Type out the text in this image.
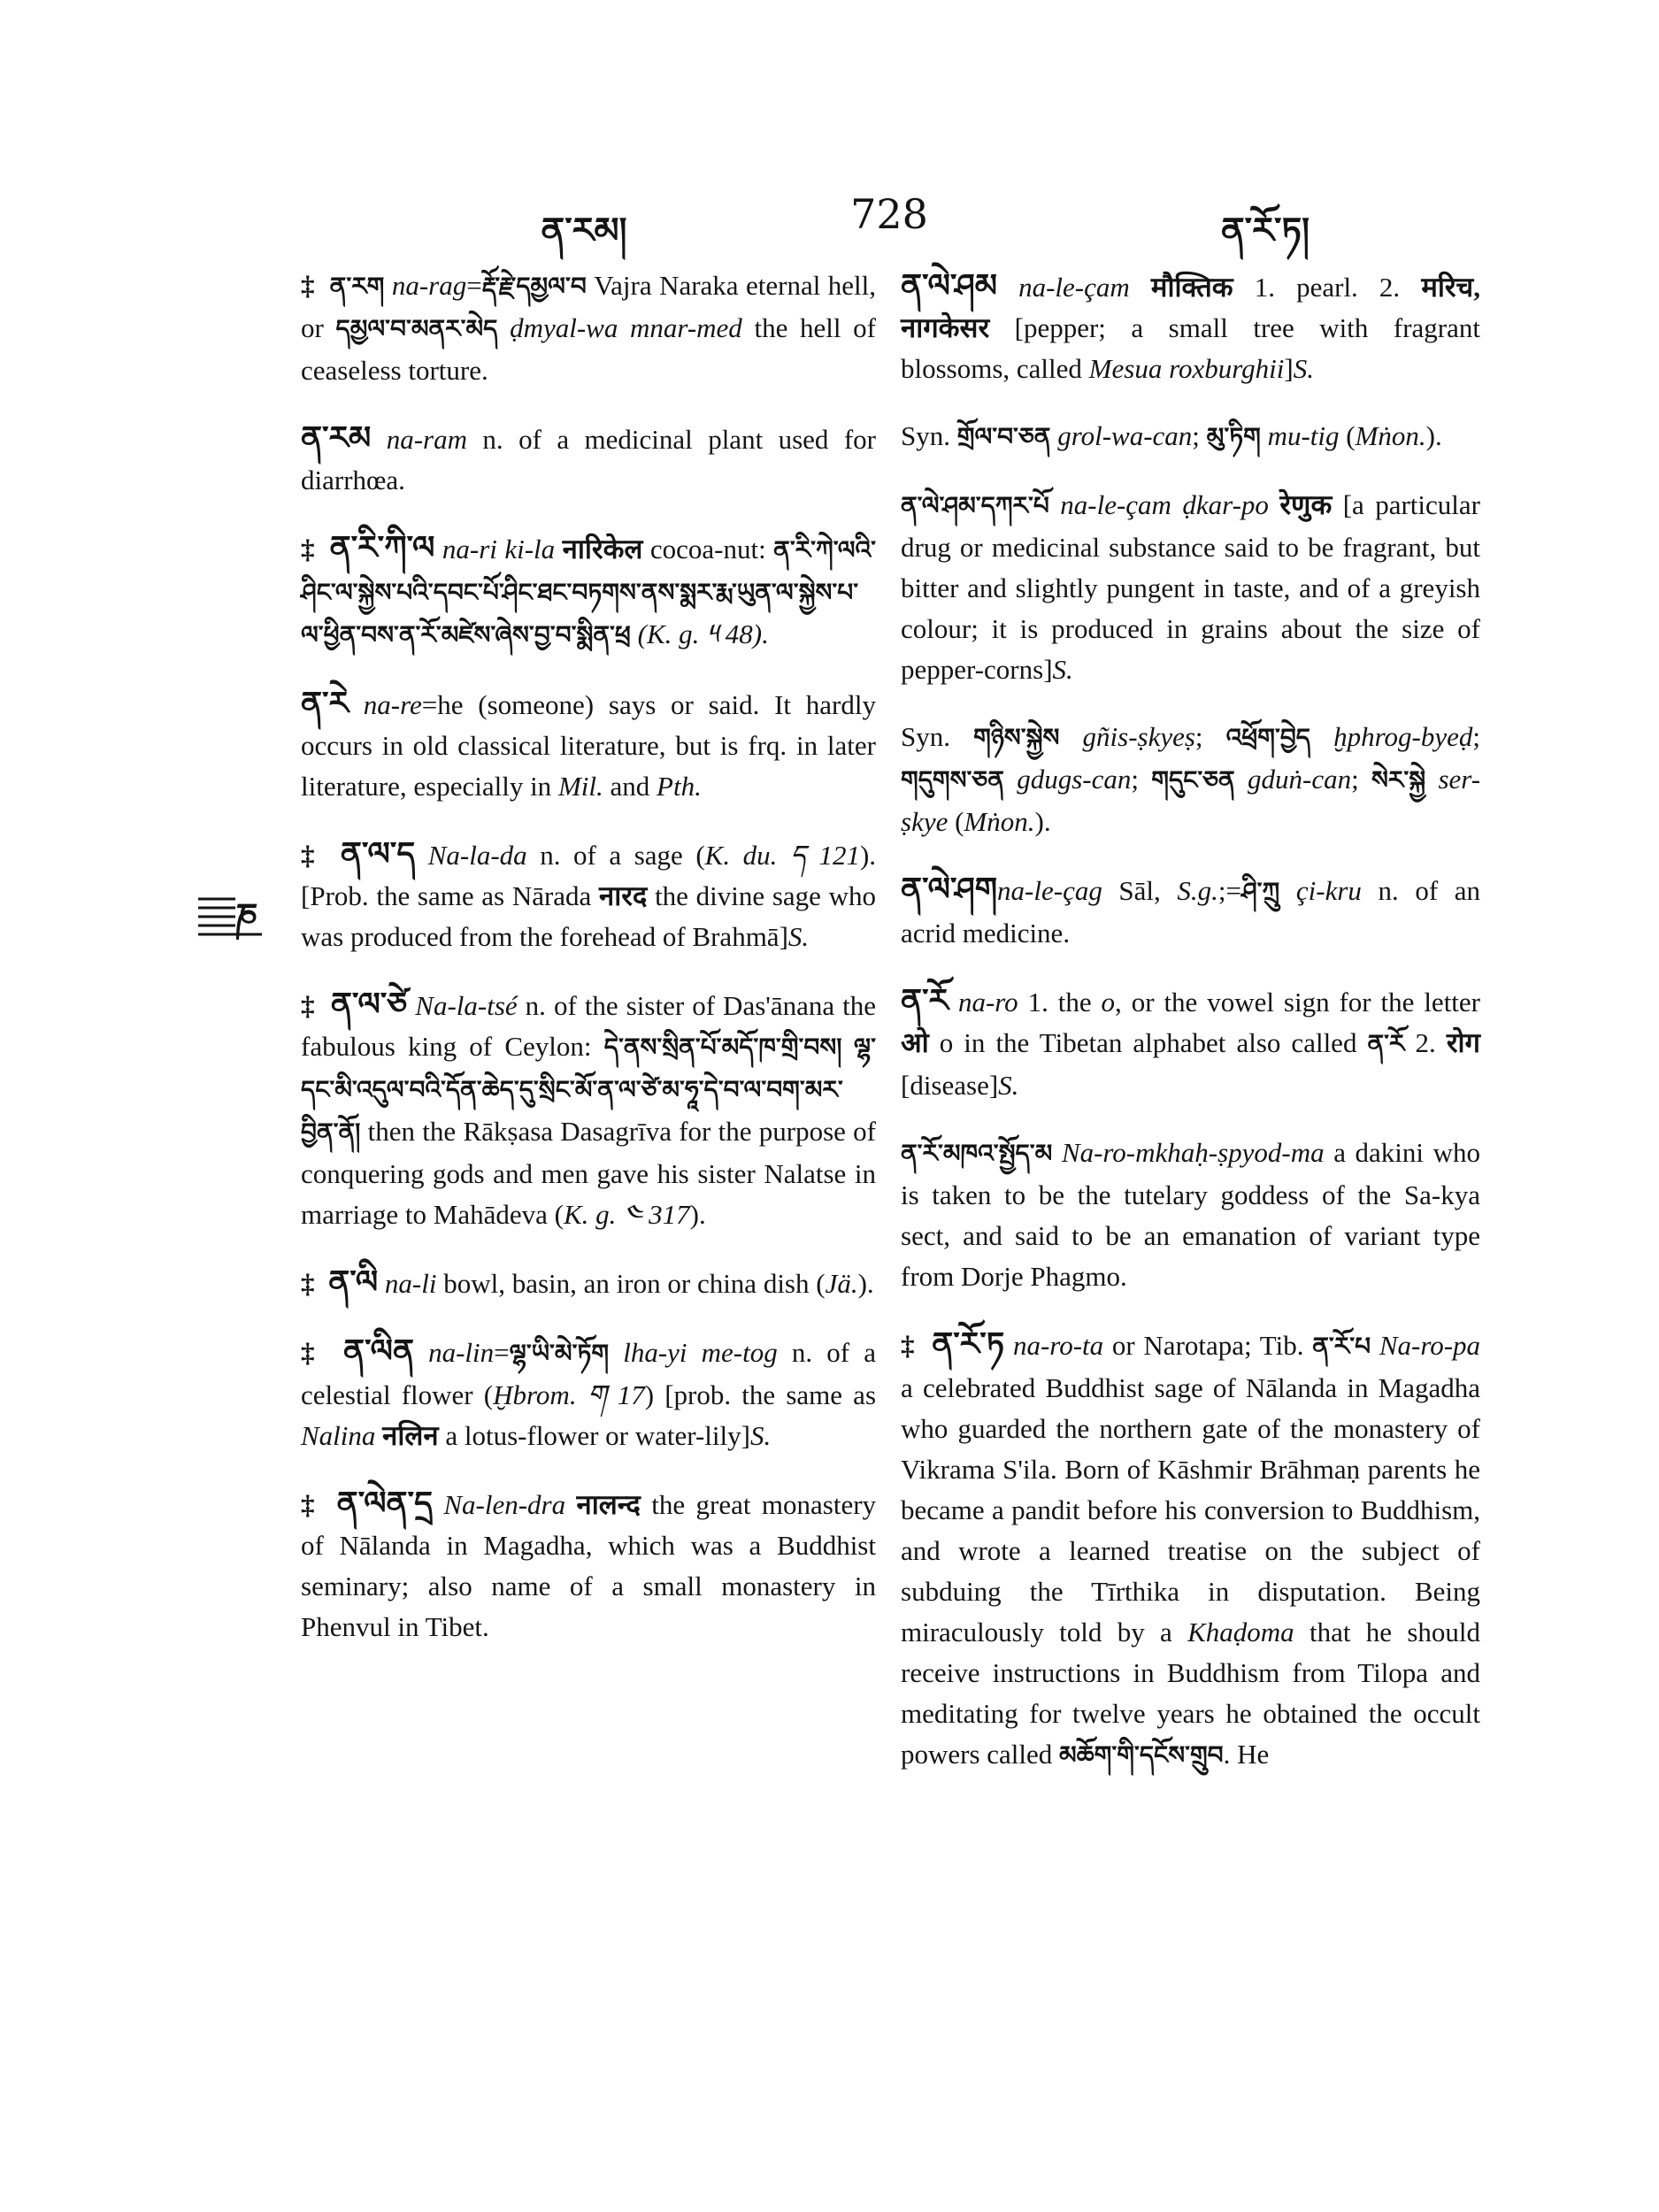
ན་རམ།	728	ན་རོ་ཏ།
ཎ

‡ ན་རག na-rag=རྡོ་རྗེ་དམྱལ་བ Vajra Naraka eternal hell, or དམྱལ་བ་མནར་མེད ḍmyal-wa mnar-med the hell of ceaseless torture.

ན་རམ na-ram n. of a medicinal plant used for diarrhœa.

‡ ན་རི་ཀི་ལ na-ri ki-la नारिकेल cocoa-nut: ན་རི་ཀེ་ལའི་ཤིང་ལ་སྐྱེས་པའི་དབང་པོ་ཤིང་ཐང་བཏགས་ནས་སྨར་རྨ་ཡུན་ལ་སྐྱེས་པ་ལ་ཕྱིན་བས་ན་རོ་མཛེས་ཞེས་བྱ་བ་སྨིན་ཕྲ (K. g. ༥ 48).

ན་རེ na-re=he (someone) says or said. It hardly occurs in old classical literature, but is frq. in later literature, especially in Mil. and Pth.

‡ ན་ལ་ད Na-la-da n. of a sage (K. du. ད 121). [Prob. the same as Nārada नारद the divine sage who was produced from the forehead of Brahmā]S.

‡ ན་ལ་ཙེ Na-la-tsé n. of the sister of Das'ānana the fabulous king of Ceylon: དེ་ནས་སྲིན་པོ་མདོ་ཁ་གྲི་བས། ལྷ་དང་མི་འདུལ་བའི་དོན་ཆེད་དུ་སྲིང་མོ་ན་ལ་ཙེ་མ་ཧཱ་དེ་བ་ལ་བག་མར་བྱིན་ནོ། then the Rākṣasa Dasagrīva for the purpose of conquering gods and men gave his sister Nalatse in marriage to Mahādeva (K. g. ༤ 317).

‡ ན་ལི na-li bowl, basin, an iron or china dish (Jä.).

‡ ན་ལིན na-lin=ལྷ་ཡི་མེ་ཏོག lha-yi me-tog n. of a celestial flower (Ḫbrom. ག 17) [prob. the same as Nalina नलिन a lotus-flower or water-lily]S.

‡ ན་ལེན་དྲ Na-len-dra नालन्द the great monastery of Nālanda in Magadha, which was a Buddhist seminary; also name of a small monastery in Phenvul in Tibet.

ན་ལེ་ཤམ na-le-çam मौक्तिक 1. pearl. 2. मरिच, नागकेसर [pepper; a small tree with fragrant blossoms, called Mesua roxburghii]S.

Syn. གྲོལ་བ་ཅན grol-wa-can; མུ་ཏིག mu-tig (Mṅon.).

ན་ལེ་ཤམ་དཀར་པོ na-le-çam ḍkar-po रेणुक [a particular drug or medicinal substance said to be fragrant, but bitter and slightly pungent in taste, and of a greyish colour; it is produced in grains about the size of pepper-corns]S.

Syn. གཉིས་སྐྱེས gñis-ṣkyeṣ; འཕྲོག་བྱེད ḫphrog-byeḍ; གདུགས་ཅན gdugs-can; གདུང་ཅན gduṅ-can; སེར་སྐྱེ ser-ṣkye (Mṅon.).

ན་ལེ་ཤགna-le-çag Sāl, S.g.;=ཤི་ཀྲུ çi-kru n. of an acrid medicine.

ན་རོ na-ro 1. the o, or the vowel sign for the letter ओ o in the Tibetan alphabet also called ན་རོ 2. रोग [disease]S.

ན་རོ་མཁའ་སྤྱོད་མ Na-ro-mkhaḥ-ṣpyod-ma a dakini who is taken to be the tutelary goddess of the Sa-kya sect, and said to be an emanation of variant type from Dorje Phagmo.

‡ ན་རོ་ཏ na-ro-ta or Narotapa; Tib. ན་རོ་པ Na-ro-pa a celebrated Buddhist sage of Nālanda in Magadha who guarded the northern gate of the monastery of Vikrama S'ila. Born of Kāshmir Brāhmaṇ parents he became a pandit before his conversion to Buddhism, and wrote a learned treatise on the subject of subduing the Tīrthika in disputation. Being miraculously told by a Khaḍoma that he should receive instructions in Buddhism from Tilopa and meditating for twelve years he obtained the occult powers called མཆོག་གི་དངོས་གྲུབ. He
